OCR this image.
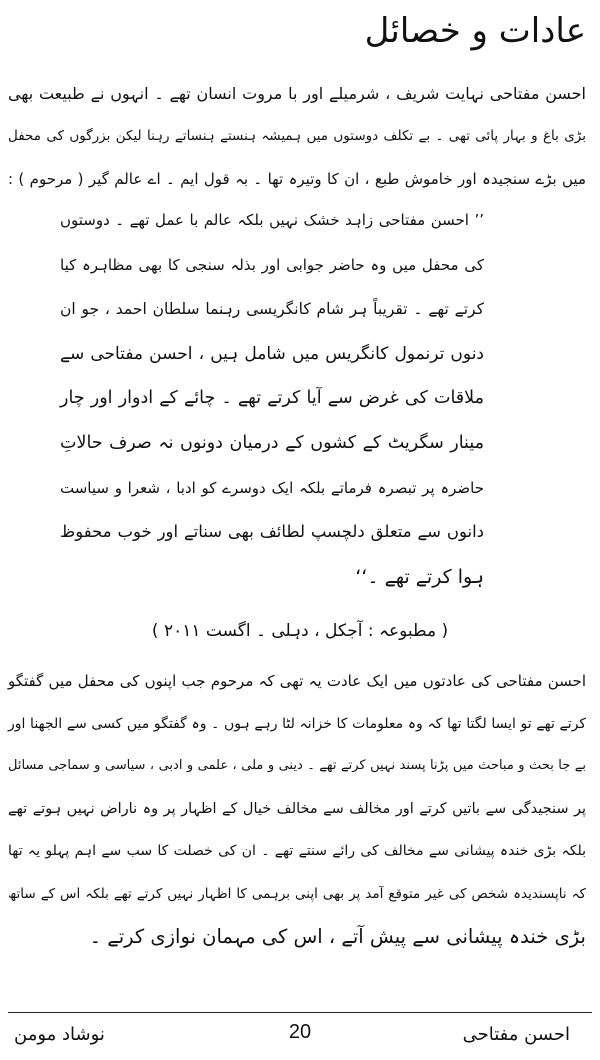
عادات و خصائل
احسن مفتاحی نہایت شریف ، شرمیلے اور با مروت انسان تھے ۔ انہوں نے طبیعت بھی
بڑی باغ و بہار پائی تھی ۔ بے تکلف دوستوں میں ہمیشہ ہنستے ہنساتے رہنا لیکن بزرگوں کی محفل
میں بڑے سنجیدہ اور خاموش طبع ، ان کا وتیرہ تھا ۔ بہ قول ایم ۔ اے عالم گیر ( مرحوم ) :
’’ احسن مفتاحی زاہد خشک نہیں بلکہ عالم با عمل تھے ۔ دوستوں
کی محفل میں وہ حاضر جوابی اور بذلہ سنجی کا بھی مظاہرہ کیا
کرتے تھے ۔ تقریباً ہر شام کانگریسی رہنما سلطان احمد ، جو ان
دنوں ترنمول کانگریس میں شامل ہیں ، احسن مفتاحی سے
ملاقات کی غرض سے آیا کرتے تھے ۔ چائے کے ادوار اور چار
مینار سگریٹ کے کشوں کے درمیان دونوں نہ صرف حالاتِ
حاضرہ پر تبصرہ فرماتے بلکہ ایک دوسرے کو ادبا ، شعرا و سیاست
دانوں سے متعلق دلچسپ لطائف بھی سناتے اور خوب محفوظ
ہوا کرتے تھے ۔‘‘

( مطبوعہ : آجکل ، دہلی ۔ اگست ۲۰۱۱ )

احسن مفتاحی کی عادتوں میں ایک عادت یہ تھی کہ مرحوم جب اپنوں کی محفل میں گفتگو
کرتے تھے تو ایسا لگتا تھا کہ وہ معلومات کا خزانہ لٹا رہے ہوں ۔ وہ گفتگو میں کسی سے الجھنا اور
بے جا بحث و مباحث میں پڑنا پسند نہیں کرتے تھے ۔ دینی و ملی ، علمی و ادبی ، سیاسی و سماجی مسائل
پر سنجیدگی سے باتیں کرتے اور مخالف سے مخالف خیال کے اظہار پر وہ ناراض نہیں ہوتے تھے
بلکہ بڑی خندہ پیشانی سے مخالف کی رائے سنتے تھے ۔ ان کی خصلت کا سب سے اہم پہلو یہ تھا
کہ ناپسندیدہ شخص کی غیر متوقع آمد پر بھی اپنی برہمی کا اظہار نہیں کرتے تھے بلکہ اس کے ساتھ
بڑی خندہ پیشانی سے پیش آتے ، اس کی مہمان نوازی کرتے ۔
احسن مفتاحی
20
نوشاد مومن
